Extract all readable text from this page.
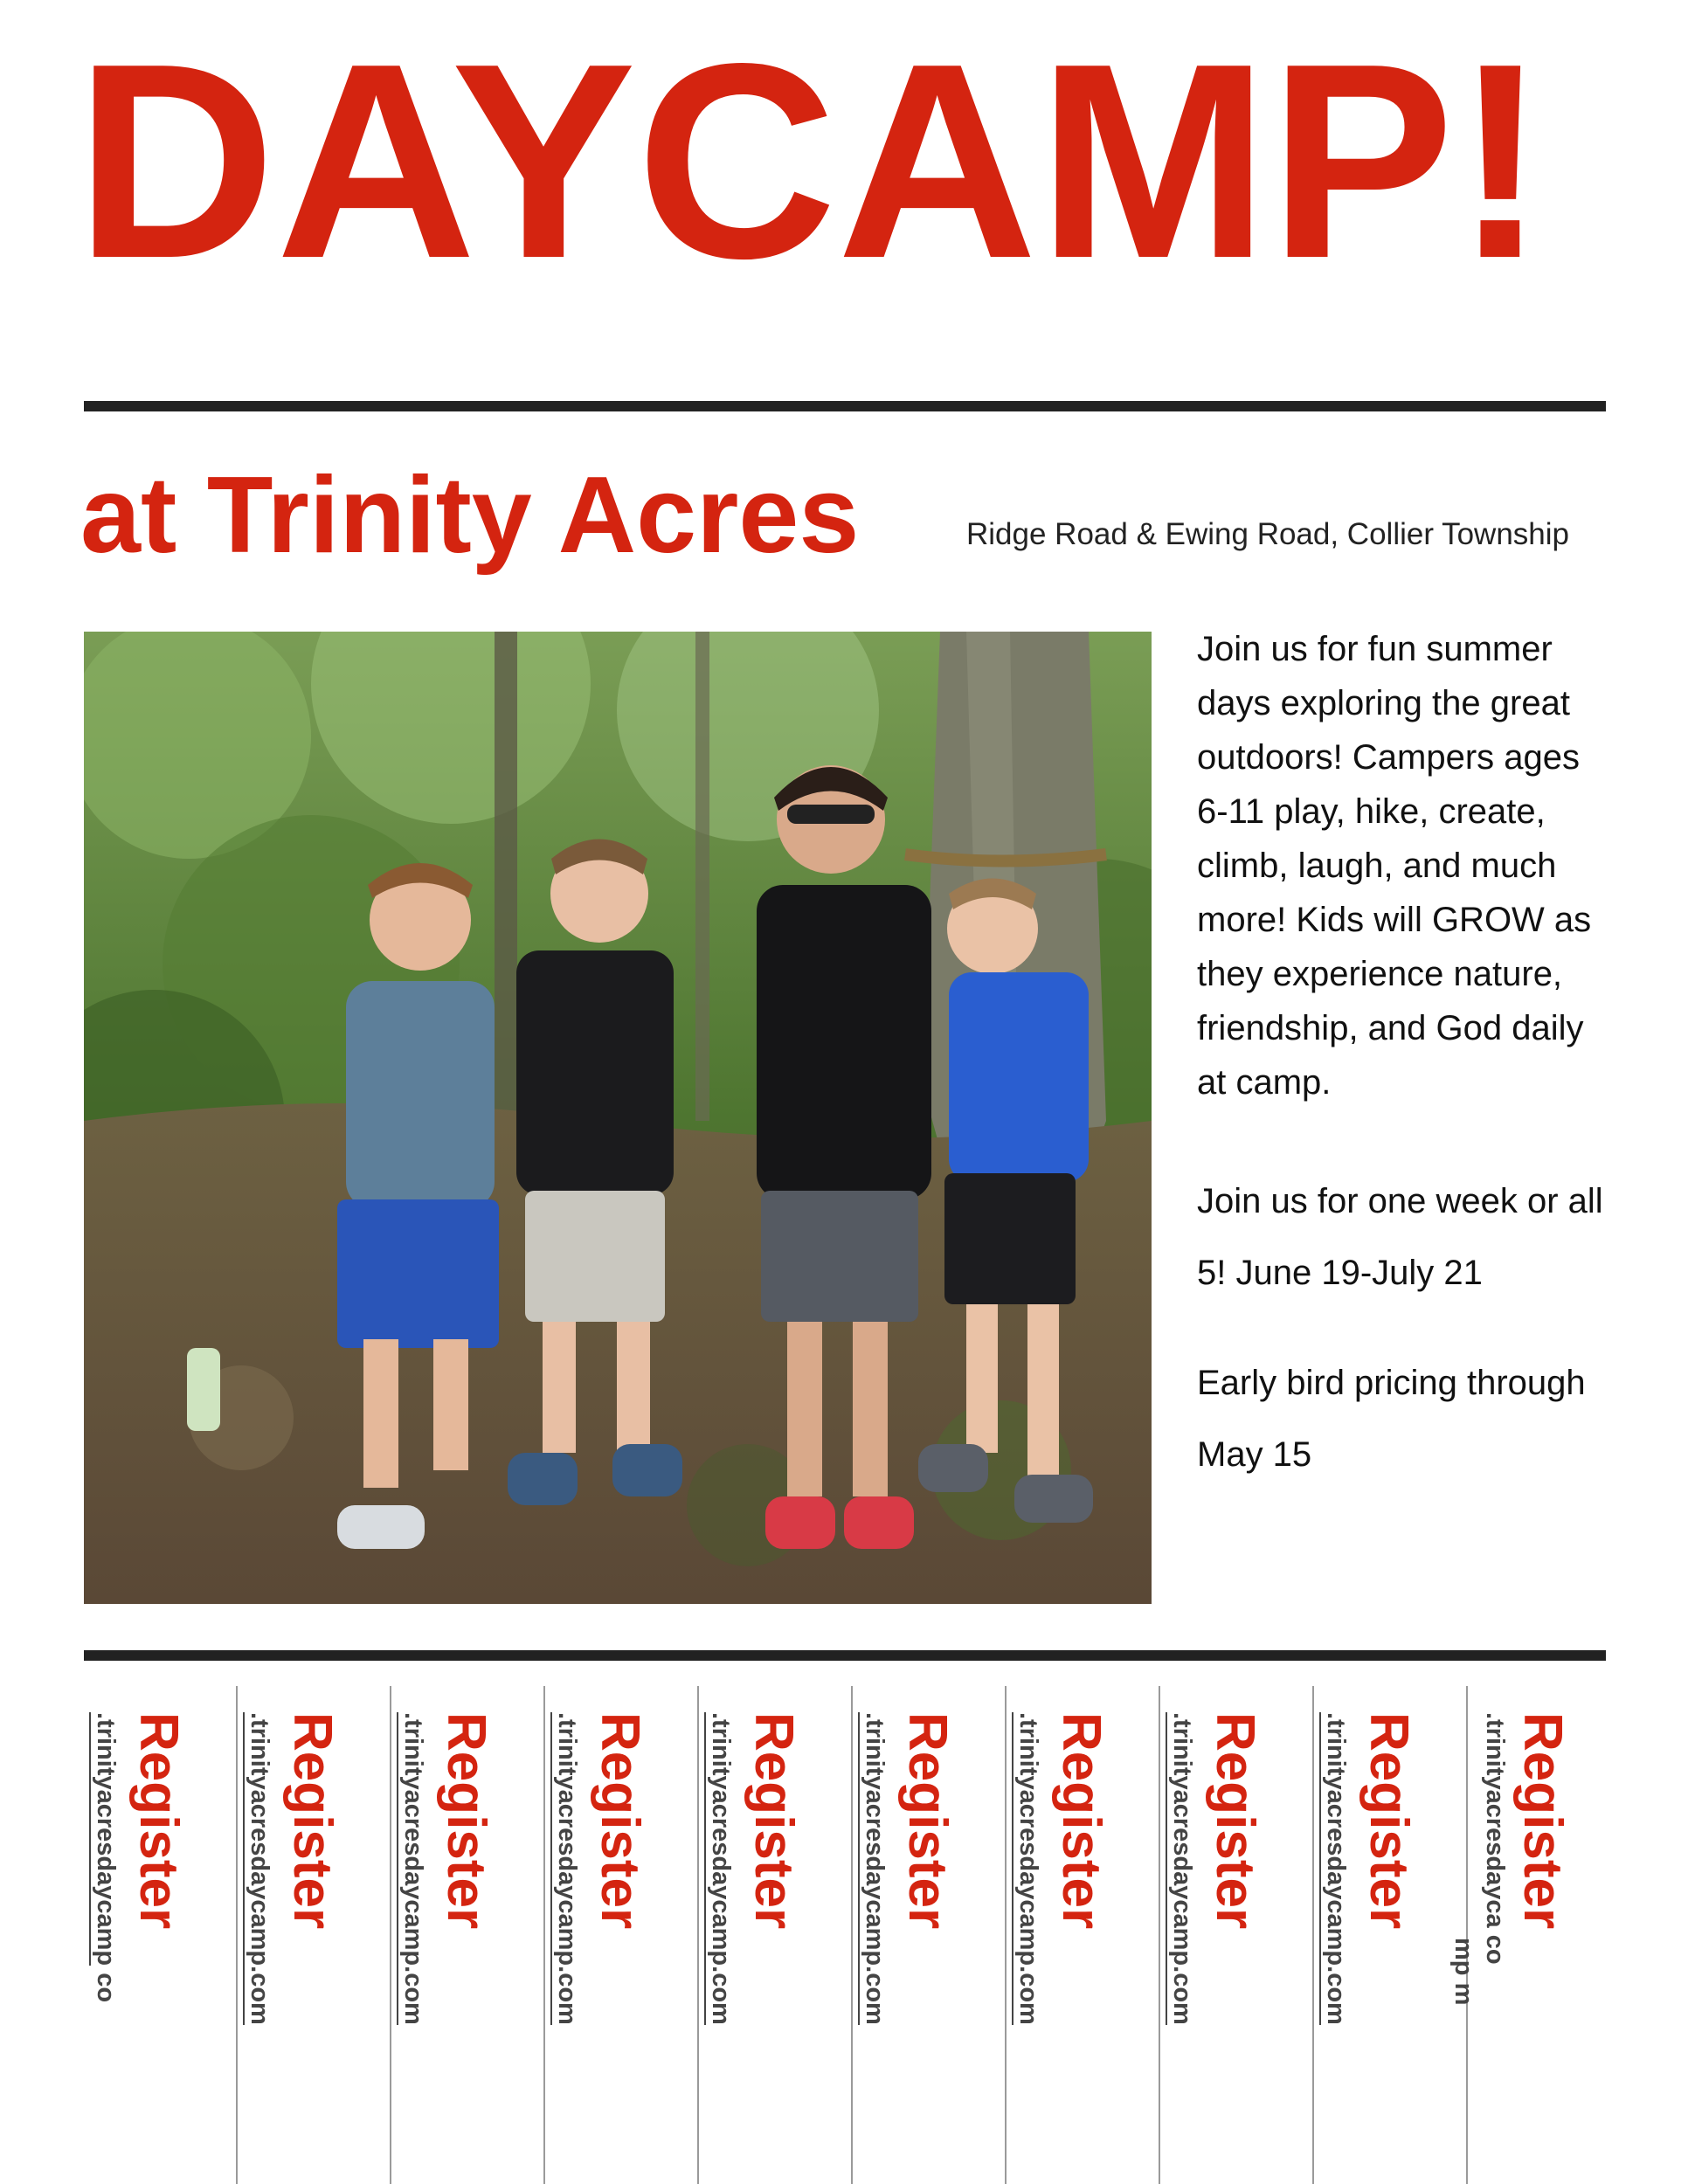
DAYCAMP!
at Trinity Acres	Ridge Road & Ewing Road, Collier Township

Join us for fun summer days exploring the great outdoors! Campers ages 6-11 play, hike, create, climb, laugh, and much more! Kids will GROW as they experience nature, friendship, and God daily at camp.

Join us for one week or all 5! June 19-July 21

Early bird pricing through May 15

Register
.trinityacresdaycamp co
Register
.trinityacresdaycamp.com	Register
.trinityacresdaycamp.com	Register
.trinityacresdaycamp.com	Register
.trinityacresdaycamp.com	Register
.trinityacresdaycamp.com	Register
.trinityacresdaycamp.com	Register
.trinityacresdaycamp.com	Register
.trinityacresdaycamp.com	Register
.trinityacresdayca co
mp m
